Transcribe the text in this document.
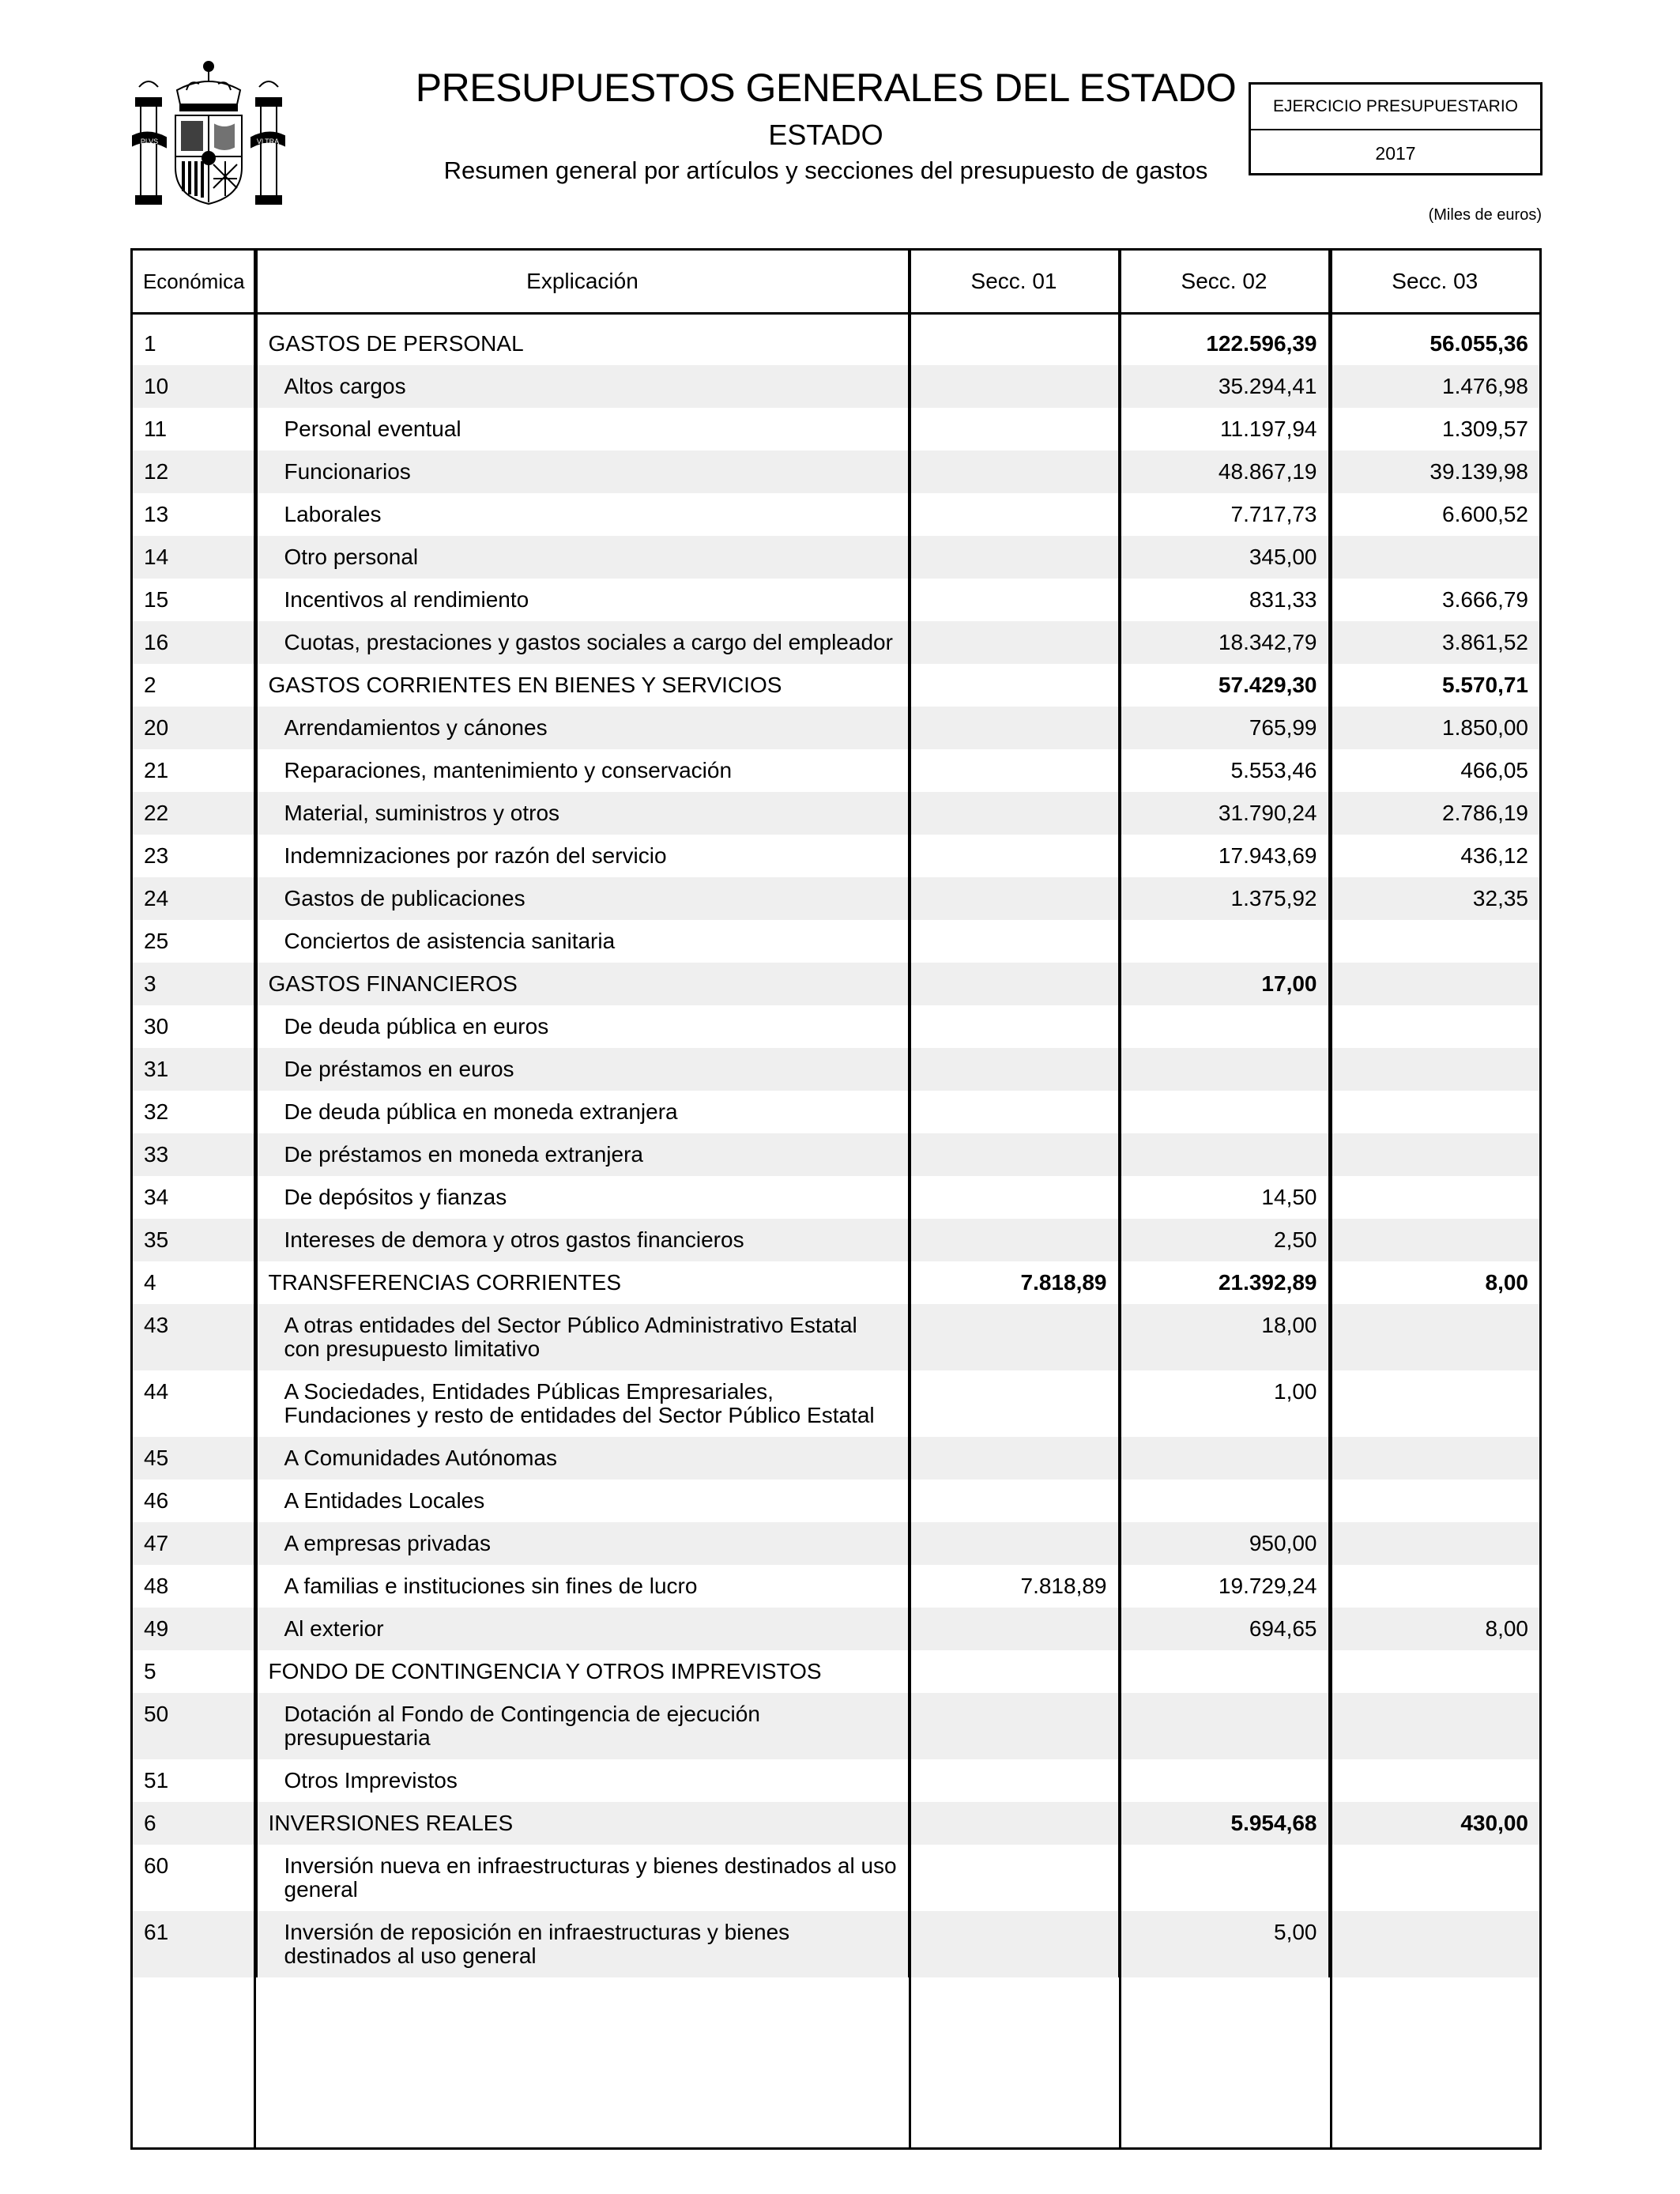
PLVS	VLTRA
PRESUPUESTOS GENERALES DEL ESTADO
ESTADO
Resumen general por artículos y secciones del presupuesto de gastos
EJERCICIO PRESUPUESTARIO
2017
(Miles de euros)
Económica	Explicación	Secc. 01	Secc. 02	Secc. 03

1	GASTOS DE PERSONAL		122.596,39	56.055,36
10	Altos cargos		35.294,41	1.476,98
11	Personal eventual		11.197,94	1.309,57
12	Funcionarios		48.867,19	39.139,98
13	Laborales		7.717,73	6.600,52
14	Otro personal		345,00	
15	Incentivos al rendimiento		831,33	3.666,79
16	Cuotas, prestaciones y gastos sociales a cargo del empleador		18.342,79	3.861,52
2	GASTOS CORRIENTES EN BIENES Y SERVICIOS		57.429,30	5.570,71
20	Arrendamientos y cánones		765,99	1.850,00
21	Reparaciones, mantenimiento y conservación		5.553,46	466,05
22	Material, suministros y otros		31.790,24	2.786,19
23	Indemnizaciones por razón del servicio		17.943,69	436,12
24	Gastos de publicaciones		1.375,92	32,35
25	Conciertos de asistencia sanitaria			
3	GASTOS FINANCIEROS		17,00	
30	De deuda pública en euros			
31	De préstamos en euros			
32	De deuda pública en moneda extranjera			
33	De préstamos en moneda extranjera			
34	De depósitos y fianzas		14,50	
35	Intereses de demora y otros gastos financieros		2,50	
4	TRANSFERENCIAS CORRIENTES	7.818,89	21.392,89	8,00
43	A otras entidades del Sector Público Administrativo Estatal con presupuesto limitativo		18,00	
44	A Sociedades, Entidades Públicas Empresariales, Fundaciones y resto de entidades del Sector Público Estatal		1,00	
45	A Comunidades Autónomas			
46	A Entidades Locales			
47	A empresas privadas		950,00	
48	A familias e instituciones sin fines de lucro	7.818,89	19.729,24	
49	Al exterior		694,65	8,00
5	FONDO DE CONTINGENCIA Y OTROS IMPREVISTOS			
50	Dotación al Fondo de Contingencia de ejecución presupuestaria			
51	Otros Imprevistos			
6	INVERSIONES REALES		5.954,68	430,00
60	Inversión nueva en infraestructuras y bienes destinados al uso general			
61	Inversión de reposición en infraestructuras y bienes destinados al uso general		5,00	
